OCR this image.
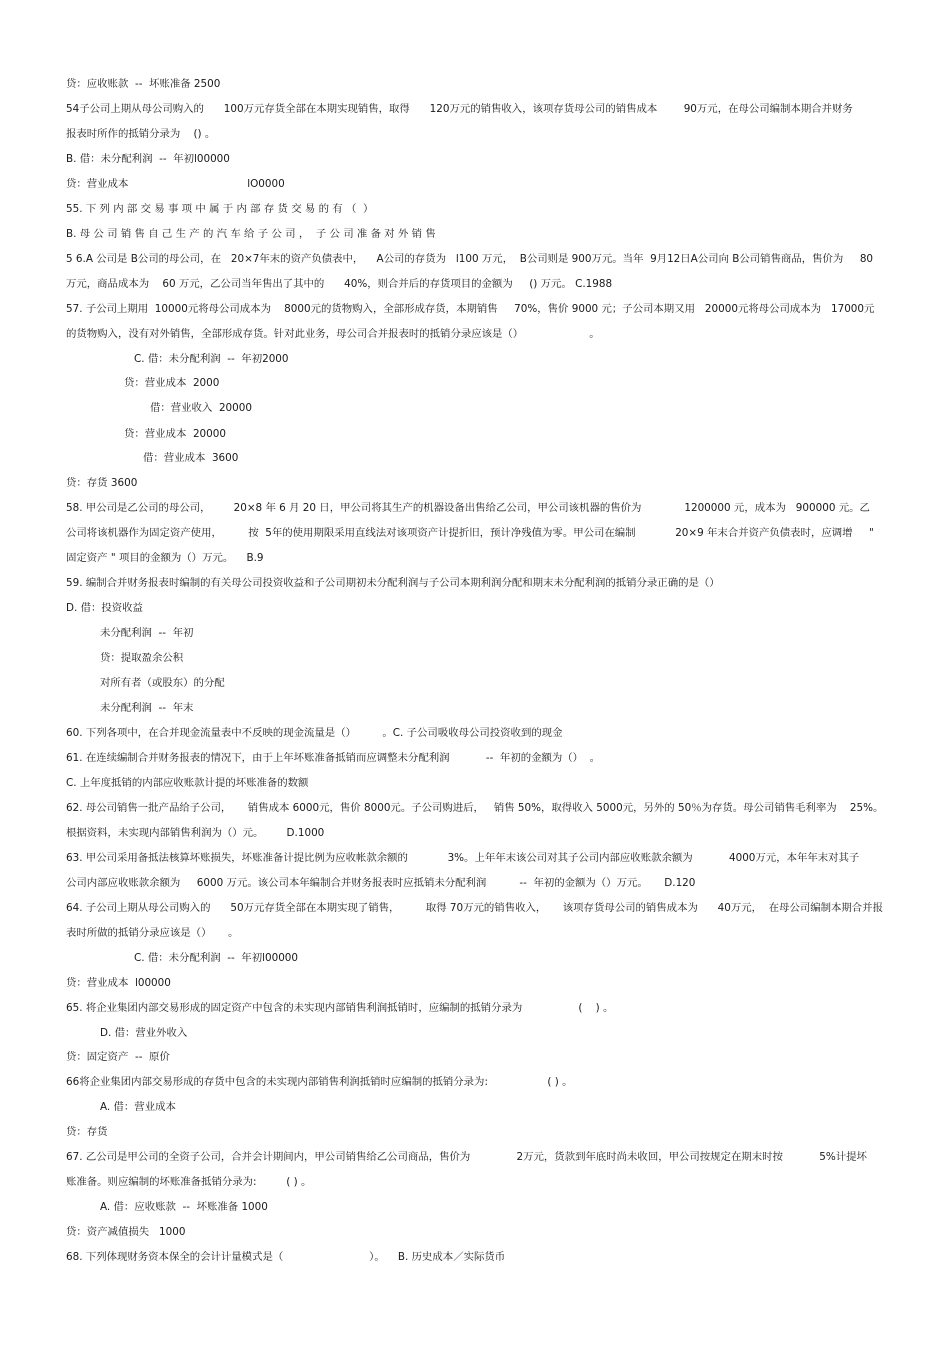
贷：应收账款  --  坏账准备 2500
54子公司上期从母公司购入的      100万元存货全部在本期实现销售，取得      120万元的销售收入，该项存货母公司的销售成本        90万元，在母公司编制本期合并财务
报表时所作的抵销分录为    () 。
B. 借：未分配利润  --  年初l00000
贷：营业成本                                    lO0000
55. 下 列 内 部 交 易 事 项 中 属 于 内 部 存 货 交 易 的 有 （  ）
B. 母 公 司 销 售 自 己 生 产 的 汽 车 给 子 公 司 ，  子 公 司 准 备 对 外 销 售
5 6.A 公司是 B公司的母公司，在   20×7年末的资产负债表中，    A公司的存货为   l100 万元，  B公司则是 900万元。当年  9月12日A公司向 B公司销售商品，售价为     80
万元，商品成本为    60 万元，乙公司当年售出了其中的      40%，则合并后的存货项目的金额为     () 万元。 C.1988
57. 子公司上期用  10000元将母公司成本为    8000元的货物购入，全部形成存货，本期销售     70%，售价 9000 元；子公司本期又用   20000元将母公司成本为   17000元
的货物购入，没有对外销售，全部形成存货。针对此业务，母公司合并报表时的抵销分录应该是（）                    。
C. 借：未分配利润  --  年初2000
贷：营业成本  2000
借：营业收入  20000
贷：营业成本  20000
借：营业成本  3600
贷：存货 3600
58. 甲公司是乙公司的母公司，       20×8 年 6 月 20 日，甲公司将其生产的机器设备出售给乙公司，甲公司该机器的售价为             1200000 元，成本为   900000 元。乙
公司将该机器作为固定资产使用，        按  5年的使用期限采用直线法对该项资产计提折旧，预计净残值为零。甲公司在编制            20×9 年末合并资产负债表时，应调增     "
固定资产 " 项目的金额为（）万元。    B.9
59. 编制合并财务报表时编制的有关母公司投资收益和子公司期初未分配利润与子公司本期利润分配和期末未分配利润的抵销分录正确的是（）
D. 借：投资收益
未分配利润  --  年初
贷：提取盈余公积
对所有者（或股东）的分配
未分配利润  --  年末
60. 下列各项中，在合并现金流量表中不反映的现金流量是（）        。C. 子公司吸收母公司投资收到的现金
61. 在连续编制合并财务报表的情况下，由于上年坏账准备抵销而应调整未分配利润           --  年初的金额为（）  。
C. 上年度抵销的内部应收账款计提的坏账准备的数额
62. 母公司销售一批产品给子公司，     销售成本 6000元，售价 8000元。子公司购进后，   销售 50%，取得收入 5000元，另外的 50％为存货。母公司销售毛利率为    25%。
根据资料，未实现内部销售利润为（）元。       D.1000
63. 甲公司采用备抵法核算坏账损失，坏账准备计提比例为应收帐款余额的            3%。上年年末该公司对其子公司内部应收账款余额为           4000万元，本年年末对其子
公司内部应收账款余额为     6000 万元。该公司本年编制合并财务报表时应抵销未分配利润          --  年初的金额为（）万元。     D.120
64. 子公司上期从母公司购入的      50万元存货全部在本期实现了销售，        取得 70万元的销售收入，     该项存货母公司的销售成本为      40万元，  在母公司编制本期合并报
表时所做的抵销分录应该是（）     。
C. 借：未分配利润  --  年初l00000
贷：营业成本  l00000
65. 将企业集团内部交易形成的固定资产中包含的未实现内部销售利润抵销时，应编制的抵销分录为                 (    ) 。
D. 借：营业外收入
贷：固定资产  --  原价
66将企业集团内部交易形成的存货中包含的未实现内部销售利润抵销时应编制的抵销分录为:                  ( ) 。
A. 借：营业成本
贷：存货
67. 乙公司是甲公司的全资子公司，合并会计期间内，甲公司销售给乙公司商品，售价为              2万元，货款到年底时尚未收回，甲公司按规定在期末时按           5%计提坏
账准备。则应编制的坏账准备抵销分录为:         ( ) 。
A. 借：应收账款  --  坏账准备 1000
贷：资产减值损失   1000
68. 下列体现财务资本保全的会计计量模式是（                          ）。    B. 历史成本／实际货币
